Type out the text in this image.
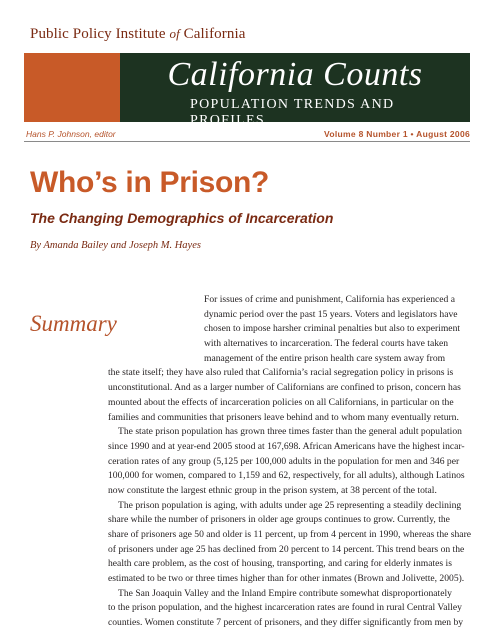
Public Policy Institute of California
California Counts
POPULATION TRENDS AND PROFILES
Hans P. Johnson, editor	Volume 8 Number 1 • August 2006
Who’s in Prison?
The Changing Demographics of Incarceration
By Amanda Bailey and Joseph M. Hayes
Summary
For issues of crime and punishment, California has experienced a
dynamic period over the past 15 years. Voters and legislators have
chosen to impose harsher criminal penalties but also to experiment
with alternatives to incarceration. The federal courts have taken
management of the entire prison health care system away from
the state itself; they have also ruled that California’s racial segregation policy in prisons is
unconstitutional. And as a larger number of Californians are confined to prison, concern has
mounted about the effects of incarceration policies on all Californians, in particular on the
families and communities that prisoners leave behind and to whom many eventually return.
The state prison population has grown three times faster than the general adult population
since 1990 and at year-end 2005 stood at 167,698. African Americans have the highest incar-
ceration rates of any group (5,125 per 100,000 adults in the population for men and 346 per
100,000 for women, compared to 1,159 and 62, respectively, for all adults), although Latinos
now constitute the largest ethnic group in the prison system, at 38 percent of the total.
The prison population is aging, with adults under age 25 representing a steadily declining
share while the number of prisoners in older age groups continues to grow. Currently, the
share of prisoners age 50 and older is 11 percent, up from 4 percent in 1990, whereas the share
of prisoners under age 25 has declined from 20 percent to 14 percent. This trend bears on the
health care problem, as the cost of housing, transporting, and caring for elderly inmates is
estimated to be two or three times higher than for other inmates (Brown and Jolivette, 2005).
The San Joaquin Valley and the Inland Empire contribute somewhat disproportionately
to the prison population, and the highest incarceration rates are found in rural Central Valley
counties. Women constitute 7 percent of prisoners, and they differ significantly from men by
